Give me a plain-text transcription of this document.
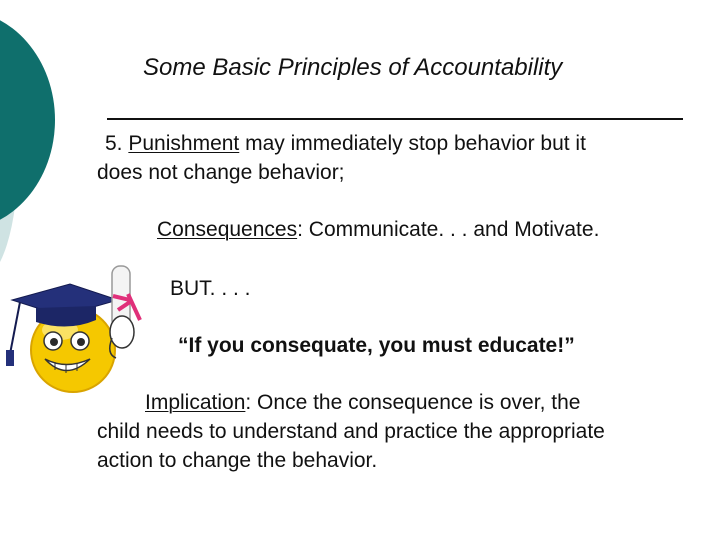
Some Basic Principles of Accountability
5. Punishment may immediately stop behavior but it
does not change behavior;
Consequences: Communicate. . . and Motivate.
BUT. . . .
“If you consequate, you must educate!”
Implication: Once the consequence is over, the
child needs to understand and practice the appropriate
action to change the behavior.
